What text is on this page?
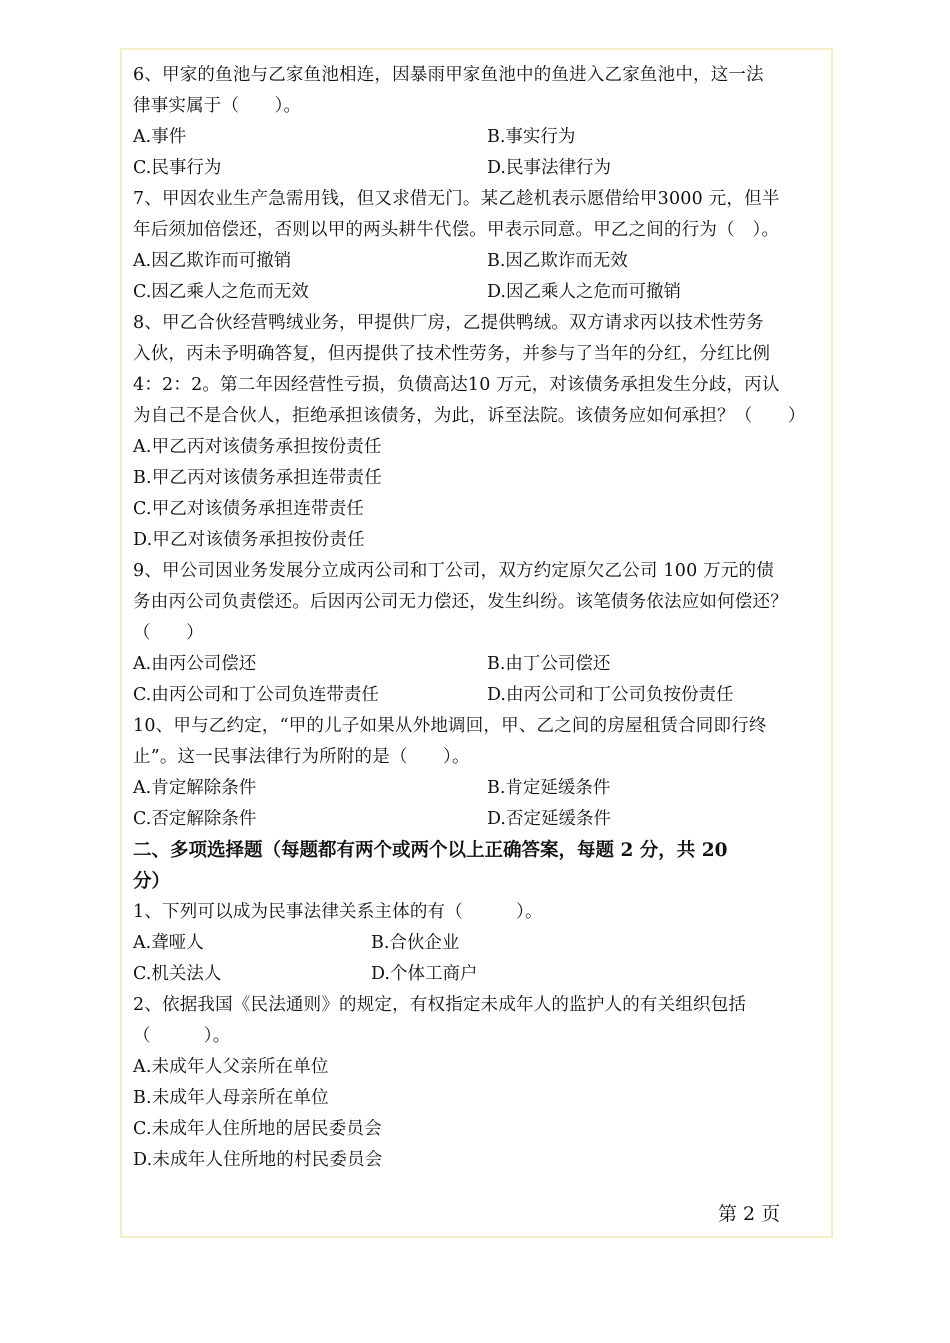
6、甲家的鱼池与乙家鱼池相连，因暴雨甲家鱼池中的鱼进入乙家鱼池中，这一法
律事实属于（　　）。
A.事件	B.事实行为
C.民事行为	D.民事法律行为
7、甲因农业生产急需用钱，但又求借无门。某乙趁机表示愿借给甲3000 元，但半
年后须加倍偿还，否则以甲的两头耕牛代偿。甲表示同意。甲乙之间的行为（　）。
A.因乙欺诈而可撤销	B.因乙欺诈而无效
C.因乙乘人之危而无效	D.因乙乘人之危而可撤销
8、甲乙合伙经营鸭绒业务，甲提供厂房，乙提供鸭绒。双方请求丙以技术性劳务
入伙，丙未予明确答复，但丙提供了技术性劳务，并参与了当年的分红，分红比例
4：2：2。第二年因经营性亏损，负债高达10 万元，对该债务承担发生分歧，丙认
为自己不是合伙人，拒绝承担该债务，为此，诉至法院。该债务应如何承担？（　　）
A.甲乙丙对该债务承担按份责任
B.甲乙丙对该债务承担连带责任
C.甲乙对该债务承担连带责任
D.甲乙对该债务承担按份责任
9、甲公司因业务发展分立成丙公司和丁公司，双方约定原欠乙公司 100 万元的债
务由丙公司负责偿还。后因丙公司无力偿还，发生纠纷。该笔债务依法应如何偿还？
（　　）
A.由丙公司偿还	B.由丁公司偿还
C.由丙公司和丁公司负连带责任	D.由丙公司和丁公司负按份责任
10、甲与乙约定，“甲的儿子如果从外地调回，甲、乙之间的房屋租赁合同即行终
止”。这一民事法律行为所附的是（　　）。
A.肯定解除条件	B.肯定延缓条件
C.否定解除条件	D.否定延缓条件
二、多项选择题（每题都有两个或两个以上正确答案，每题 2 分，共 20
分）
1、下列可以成为民事法律关系主体的有（　　　）。
A.聋哑人	B.合伙企业
C.机关法人	D.个体工商户
2、依据我国《民法通则》的规定，有权指定未成年人的监护人的有关组织包括
（　　　）。
A.未成年人父亲所在单位
B.未成年人母亲所在单位
C.未成年人住所地的居民委员会
D.未成年人住所地的村民委员会
第 2 页
